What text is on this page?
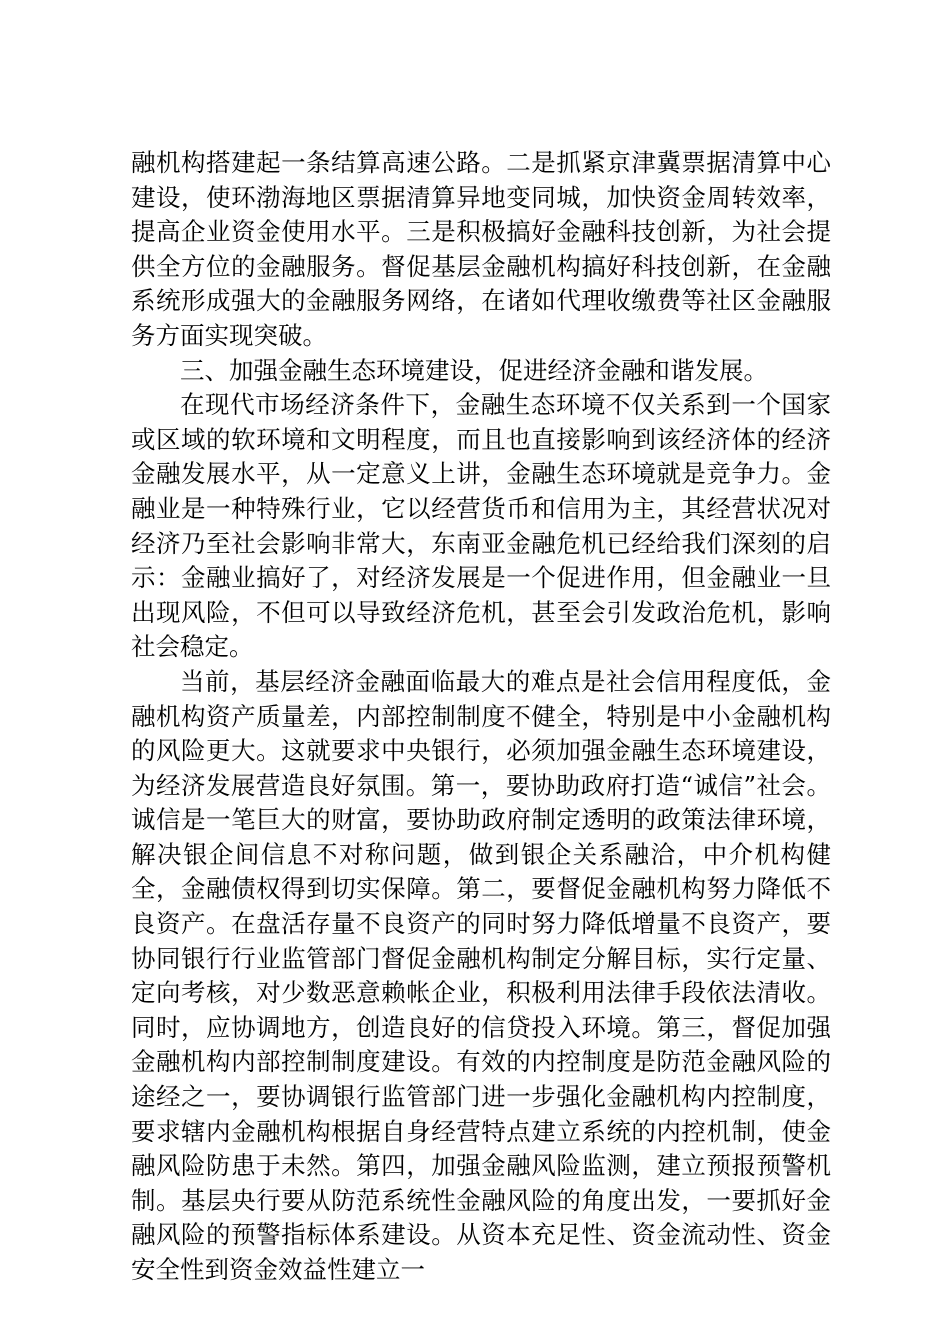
融机构搭建起一条结算高速公路。二是抓紧京津冀票据清算中心建设，使环渤海地区票据清算异地变同城，加快资金周转效率，提高企业资金使用水平。三是积极搞好金融科技创新，为社会提供全方位的金融服务。督促基层金融机构搞好科技创新，在金融系统形成强大的金融服务网络，在诸如代理收缴费等社区金融服务方面实现突破。

三、加强金融生态环境建设，促进经济金融和谐发展。

在现代市场经济条件下，金融生态环境不仅关系到一个国家或区域的软环境和文明程度，而且也直接影响到该经济体的经济金融发展水平，从一定意义上讲，金融生态环境就是竞争力。金融业是一种特殊行业，它以经营货币和信用为主，其经营状况对经济乃至社会影响非常大，东南亚金融危机已经给我们深刻的启示：金融业搞好了，对经济发展是一个促进作用，但金融业一旦出现风险，不但可以导致经济危机，甚至会引发政治危机，影响社会稳定。

当前，基层经济金融面临最大的难点是社会信用程度低，金融机构资产质量差，内部控制制度不健全，特别是中小金融机构的风险更大。这就要求中央银行，必须加强金融生态环境建设，为经济发展营造良好氛围。第一，要协助政府打造“诚信”社会。诚信是一笔巨大的财富，要协助政府制定透明的政策法律环境，解决银企间信息不对称问题，做到银企关系融洽，中介机构健全，金融债权得到切实保障。第二，要督促金融机构努力降低不良资产。在盘活存量不良资产的同时努力降低增量不良资产，要协同银行行业监管部门督促金融机构制定分解目标，实行定量、定向考核，对少数恶意赖帐企业，积极利用法律手段依法清收。同时，应协调地方，创造良好的信贷投入环境。第三，督促加强金融机构内部控制制度建设。有效的内控制度是防范金融风险的途经之一，要协调银行监管部门进一步强化金融机构内控制度，要求辖内金融机构根据自身经营特点建立系统的内控机制，使金融风险防患于未然。第四，加强金融风险监测，建立预报预警机制。基层央行要从防范系统性金融风险的角度出发，一要抓好金融风险的预警指标体系建设。从资本充足性、资金流动性、资金安全性到资金效益性建立一
